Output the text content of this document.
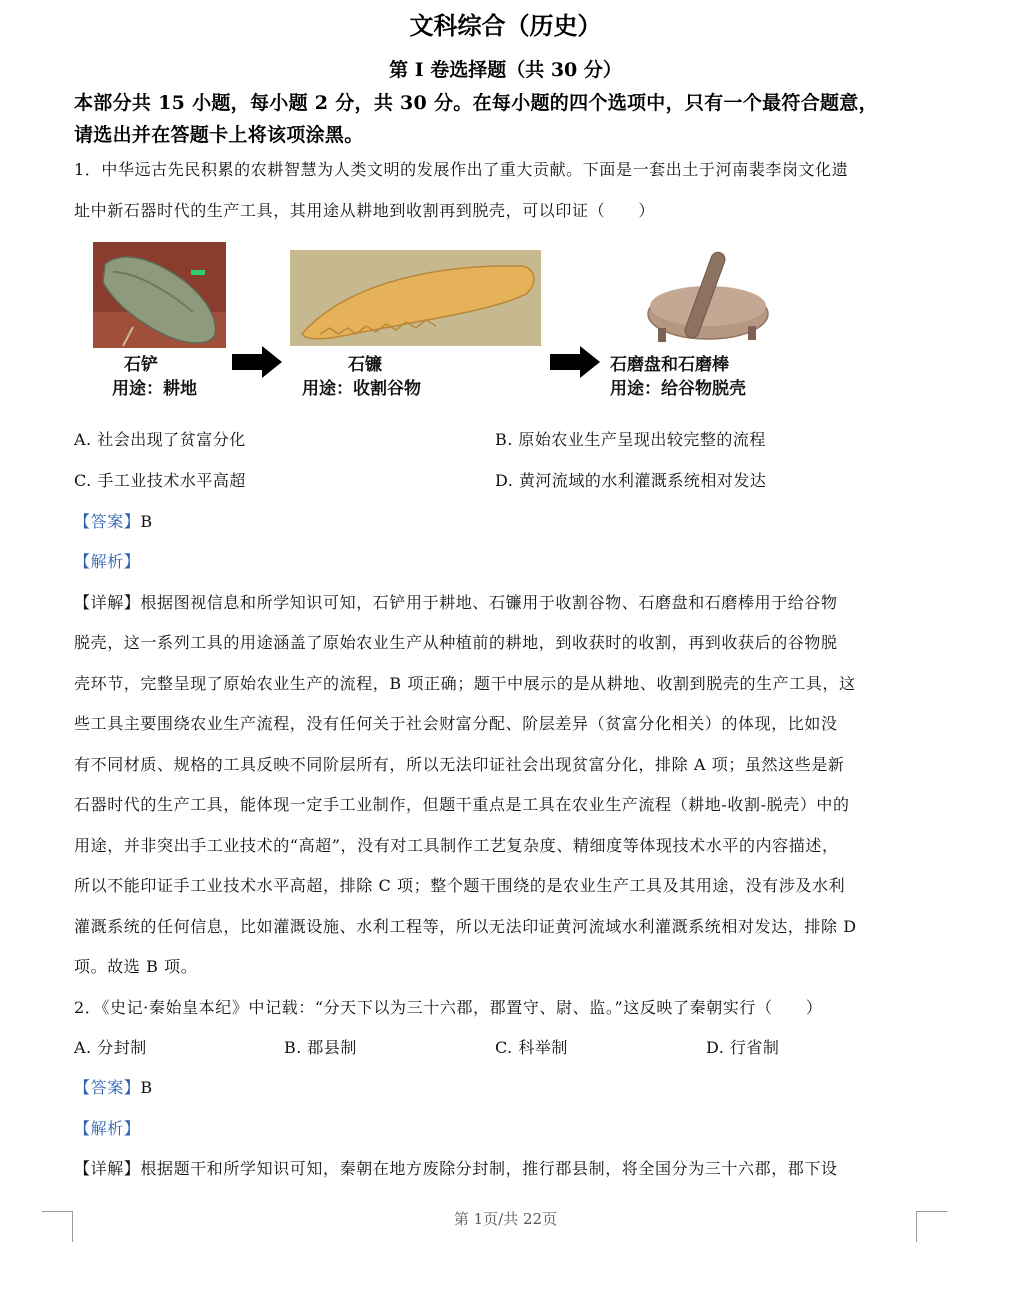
文科综合（历史）
第 I 卷选择题（共 30 分）
本部分共 15 小题，每小题 2 分，共 30 分。在每小题的四个选项中，只有一个最符合题意，
请选出并在答题卡上将该项涂黑。
1．中华远古先民积累的农耕智慧为人类文明的发展作出了重大贡献。下面是一套出土于河南裴李岗文化遗
址中新石器时代的生产工具，其用途从耕地到收割再到脱壳，可以印证（　　）
石铲
用途：耕地
石镰
用途：收割谷物
石磨盘和石磨棒
用途：给谷物脱壳
A. 社会出现了贫富分化	B. 原始农业生产呈现出较完整的流程
C. 手工业技术水平高超	D. 黄河流域的水利灌溉系统相对发达
【答案】B
【解析】
【详解】根据图视信息和所学知识可知，石铲用于耕地、石镰用于收割谷物、石磨盘和石磨棒用于给谷物
脱壳，这一系列工具的用途涵盖了原始农业生产从种植前的耕地，到收获时的收割，再到收获后的谷物脱
壳环节，完整呈现了原始农业生产的流程，B 项正确；题干中展示的是从耕地、收割到脱壳的生产工具，这
些工具主要围绕农业生产流程，没有任何关于社会财富分配、阶层差异（贫富分化相关）的体现，比如没
有不同材质、规格的工具反映不同阶层所有，所以无法印证社会出现贫富分化，排除 A 项；虽然这些是新
石器时代的生产工具，能体现一定手工业制作，但题干重点是工具在农业生产流程（耕地-收割-脱壳）中的
用途，并非突出手工业技术的“高超”，没有对工具制作工艺复杂度、精细度等体现技术水平的内容描述，
所以不能印证手工业技术水平高超，排除 C 项；整个题干围绕的是农业生产工具及其用途，没有涉及水利
灌溉系统的任何信息，比如灌溉设施、水利工程等，所以无法印证黄河流域水利灌溉系统相对发达，排除 D
项。故选 B 项。
2．《史记·秦始皇本纪》中记载：“分天下以为三十六郡，郡置守、尉、监。”这反映了秦朝实行（　　）
A. 分封制	B. 郡县制	C. 科举制	D. 行省制
【答案】B
【解析】
【详解】根据题干和所学知识可知，秦朝在地方废除分封制，推行郡县制，将全国分为三十六郡，郡下设
第 1页/共 22页
